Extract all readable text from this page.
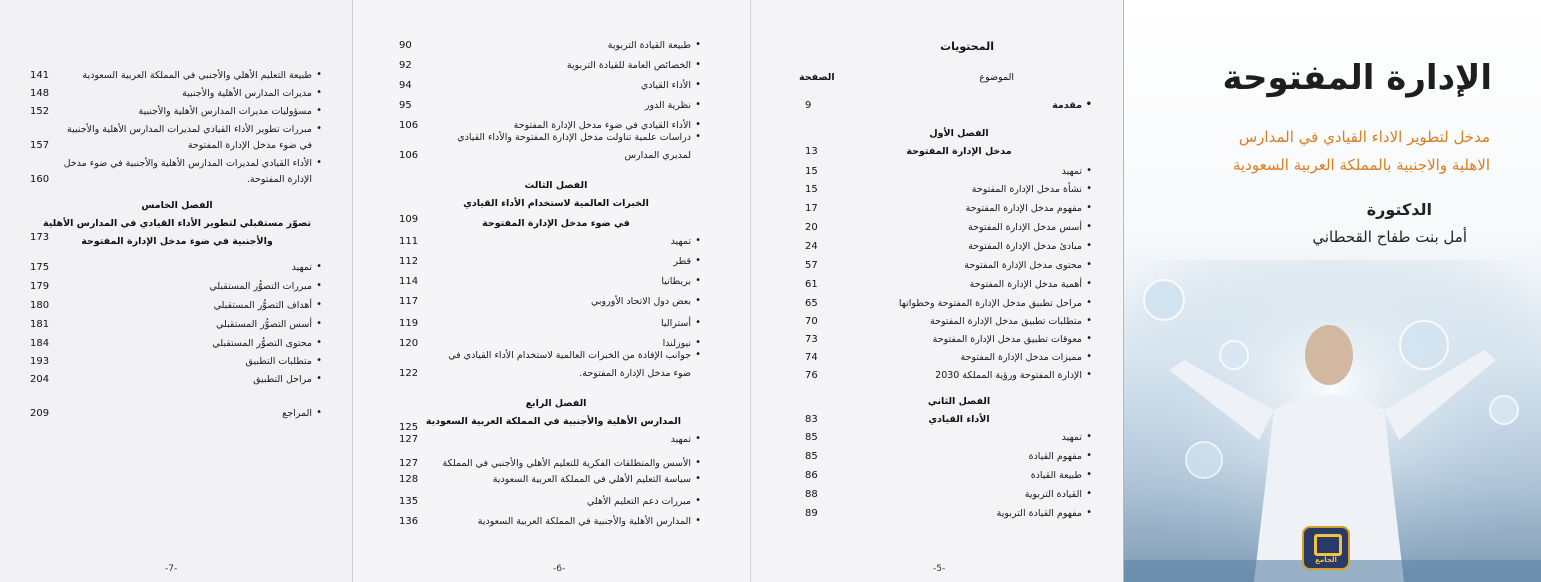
• طبيعة التعليم الأهلي والأجنبي في المملكة العربية السعودية
141
• مديرات المدارس الأهلية والأجنبية
148
• مسؤوليات مديرات المدارس الأهلية والأجنبية
152
• مبررات تطوير الأداء القيادي لمديرات المدارس الأهلية والأجنبية
في ضوء مدخل الإدارة المفتوحة
157
• الأداء القيادي لمديرات المدارس الأهلية والأجنبية في ضوء مدخل
الإدارة المفتوحة.
160
• تمهيد
175
• مبررات التصوُّر المستقبلي
179
• أهداف التصوُّر المستقبلي
180
• أسس التصوُّر المستقبلي
181
• محتوى التصوُّر المستقبلي
184
• متطلبات التطبيق
193
• مراحل التطبيق
204
• المراجع
209
الفصل الخامس
تصوّر مستقبلي لتطوير الأداء القيادي في المدارس الأهلية
والأجنبية في ضوء مدخل الإدارة المفتوحة
173
-7-
• طبيعة القيادة التربوية
90
• الخصائص العامة للقيادة التربوية
92
• الأداء القيادي
94
• نظرية الدور
95
• الأداء القيادي في ضوء مدخل الإدارة المفتوحة
106
• دراسات علمية تناولت مدخل الإدارة المفتوحة والأداء القيادي
لمديري المدارس
106
• تمهيد
111
• قطر
112
• بريطانيا
114
• بعض دول الاتحاد الأوروبي
117
• أستراليا
119
• نيوزلندا
120
• جوانب الإفادة من الخبرات العالمية لاستخدام الأداء القيادي في
ضوء مدخل الإدارة المفتوحة.
122
• تمهيد
127
• الأسس والمنطلقات الفكرية للتعليم الأهلي والأجنبي في المملكة
127
• سياسة التعليم الأهلي في المملكة العربية السعودية
128
• مبررات دعم التعليم الأهلي
135
• المدارس الأهلية والأجنبية في المملكة العربية السعودية
136
الفصل الثالث
الخبرات العالمية لاستخدام الأداء القيادي
في ضوء مدخل الإدارة المفتوحة
الفصل الرابع
المدارس الأهلية والأجنبية في المملكة العربية السعودية
109
125
-6-
المحتويات
الموضوع
الصفحة
• مقدمة
9
• تمهيد
15
• نشأة مدخل الإدارة المفتوحة
15
• مفهوم مدخل الإدارة المفتوحة
17
• أسس مدخل الإدارة المفتوحة
20
• مبادئ مدخل الإدارة المفتوحة
24
• محتوى مدخل الإدارة المفتوحة
57
• أهمية مدخل الإدارة المفتوحة
61
• مراحل تطبيق مدخل الإدارة المفتوحة وخطواتها
65
• متطلبات تطبيق مدخل الإدارة المفتوحة
70
• معوقات تطبيق مدخل الإدارة المفتوحة
73
• مميزات مدخل الإدارة المفتوحة
74
• الإدارة المفتوحة ورؤية المملكة 2030
76
• تمهيد
85
• مفهوم القيادة
85
• طبيعة القيادة
86
• القيادة التربوية
88
• مفهوم القيادة التربوية
89
الفصل الأول
مدخل الإدارة المفتوحة
الفصل الثاني
الأداء القيادي
13
83
-5-
الإدارة المفتوحة
مدخل لتطوير الاداء القيادي في المدارس
الاهلية والاجنبية بالمملكة العربية السعودية
الدكتورة
أمل بنت طفاح القحطاني
الجامع
